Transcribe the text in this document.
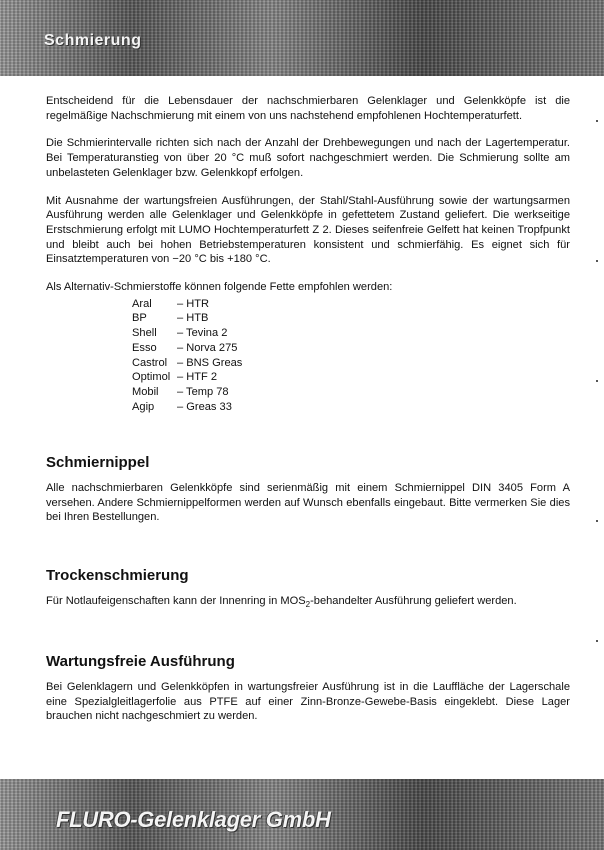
Schmierung

Entscheidend für die Lebensdauer der nachschmierbaren Gelenklager und Gelenkköpfe ist die regelmäßige Nachschmierung mit einem von uns nachstehend empfohlenen Hochtemperaturfett.

Die Schmierintervalle richten sich nach der Anzahl der Drehbewegungen und nach der Lagertemperatur. Bei Temperaturanstieg von über 20 °C muß sofort nachgeschmiert werden. Die Schmierung sollte am unbelasteten Gelenklager bzw. Gelenkkopf erfolgen.

Mit Ausnahme der wartungsfreien Ausführungen, der Stahl/Stahl-Ausführung sowie der wartungsarmen Ausführung werden alle Gelenklager und Gelenkköpfe in gefettetem Zustand geliefert. Die werkseitige Erstschmierung erfolgt mit LUMO Hochtemperaturfett Z 2. Dieses seifenfreie Gelfett hat keinen Tropfpunkt und bleibt auch bei hohen Betriebstemperaturen konsistent und schmierfähig. Es eignet sich für Einsatztemperaturen von −20 °C bis +180 °C.

Als Alternativ-Schmierstoffe können folgende Fette empfohlen werden:

Aral	– HTR
BP	– HTB
Shell	– Tevina 2
Esso	– Norva 275
Castrol – BNS Greas
Optimol – HTF 2
Mobil	– Temp 78
Agip	– Greas 33
Schmiernippel

Alle nachschmierbaren Gelenkköpfe sind serienmäßig mit einem Schmiernippel DIN 3405 Form A versehen. Andere Schmiernippelformen werden auf Wunsch ebenfalls eingebaut. Bitte vermerken Sie dies bei Ihren Bestellungen.

Trockenschmierung

Für Notlaufeigenschaften kann der Innenring in $MOS_2$-behandelter Ausführung geliefert werden.

Wartungsfreie Ausführung

Bei Gelenklagern und Gelenkköpfen in wartungsfreier Ausführung ist in die Lauffläche der Lagerschale eine Spezialgleitlagerfolie aus PTFE auf einer Zinn-Bronze-Gewebe-Basis eingeklebt. Diese Lager brauchen nicht nachgeschmiert zu werden.

FLURO-Gelenklager GmbH
